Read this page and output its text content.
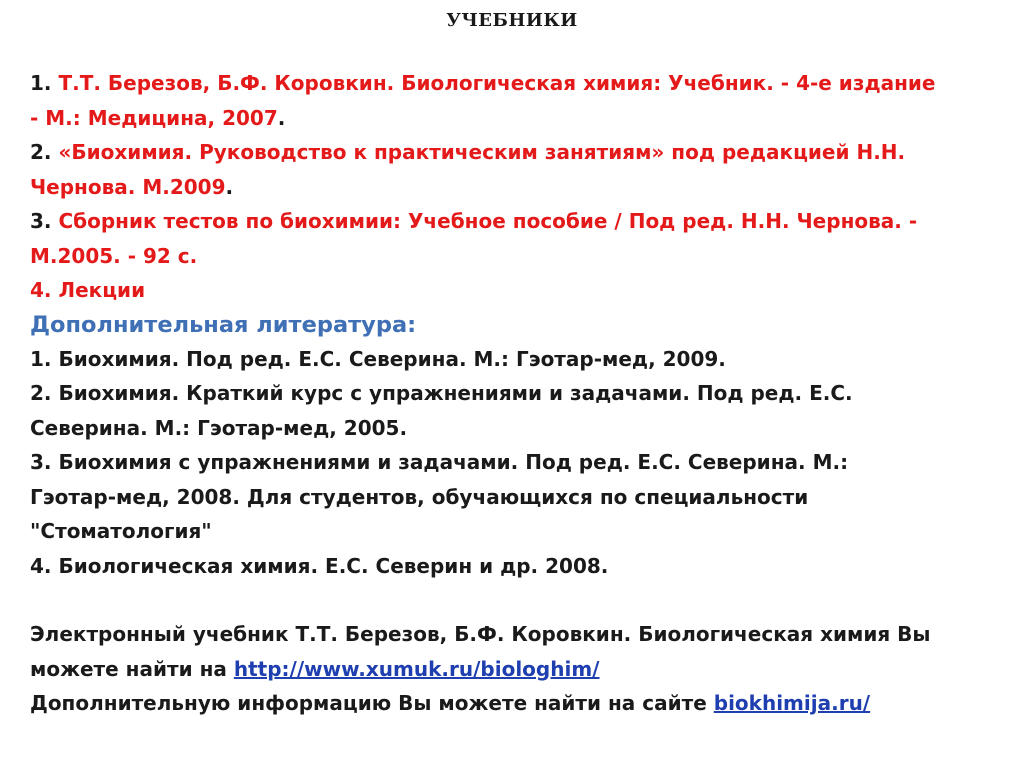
УЧЕБНИКИ

1. Т.Т. Березов, Б.Ф. Коровкин. Биологическая химия: Учебник. - 4-е издание

- М.: Медицина, 2007.

2. «Биохимия. Руководство к практическим занятиям» под редакцией Н.Н.

Чернова. М.2009.

3. Сборник тестов по биохимии: Учебное пособие / Под ред. Н.Н. Чернова. -

М.2005. - 92 с.

4. Лекции

Дополнительная литература:

1. Биохимия. Под ред. Е.С. Северина. М.: Гэотар-мед, 2009.

2. Биохимия. Краткий курс с упражнениями и задачами. Под ред. Е.С.

Северина. М.: Гэотар-мед, 2005.

3. Биохимия с упражнениями и задачами. Под ред. Е.С. Северина. М.:

Гэотар-мед, 2008. Для студентов, обучающихся по специальности

"Стоматология"

4. Биологическая химия. Е.С. Северин и др. 2008.

Электронный учебник Т.Т. Березов, Б.Ф. Коровкин. Биологическая химия Вы

можете найти на http://www.xumuk.ru/biologhim/

Дополнительную информацию Вы можете найти на сайте biokhimija.ru/
